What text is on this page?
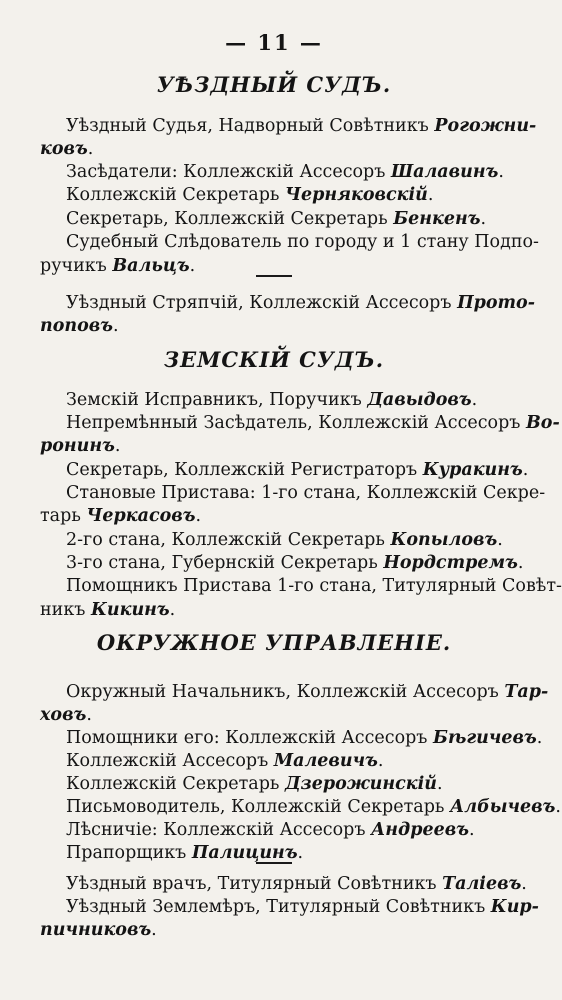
— 11 —
УѢЗДНЫЙ СУДЪ.
Уѣздный Судья, Надворный Совѣтникъ Рогожни-
ковъ.
Засѣдатели: Коллежскій Ассесоръ Шалавинъ.
Коллежскій Секретарь Черняковскій.
Секретарь, Коллежскій Секретарь Бенкенъ.
Судебный Слѣдователь по городу и 1 стану Подпо-
ручикъ Вальцъ.
Уѣздный Стряпчій, Коллежскій Ассесоръ Прото-
поповъ.
ЗЕМСКІЙ СУДЪ.
Земскій Исправникъ, Поручикъ Давыдовъ.
Непремѣнный Засѣдатель, Коллежскій Ассесоръ Во-
ронинъ.
Секретарь, Коллежскій Регистраторъ Куракинъ.
Становые Пристава: 1-го стана, Коллежскій Секре-
тарь Черкасовъ.
2-го стана, Коллежскій Секретарь Копыловъ.
3-го стана, Губернскій Секретарь Нордстремъ.
Помощникъ Пристава 1-го стана, Титулярный Совѣт-
никъ Кикинъ.
ОКРУЖНОЕ УПРАВЛЕНІЕ.
Окружный Начальникъ, Коллежскій Ассесоръ Тар-
ховъ.
Помощники его: Коллежскій Ассесоръ Бѣгичевъ.
Коллежскій Ассесоръ Малевичъ.
Коллежскій Секретарь Дзерожинскій.
Письмоводитель, Коллежскій Секретарь Албычевъ.
Лѣсничіе: Коллежскій Ассесоръ Андреевъ.
Прапорщикъ Палицинъ.
Уѣздный врачъ, Титулярный Совѣтникъ Таліевъ.
Уѣздный Землемѣръ, Титулярный Совѣтникъ Кир-
пичниковъ.
